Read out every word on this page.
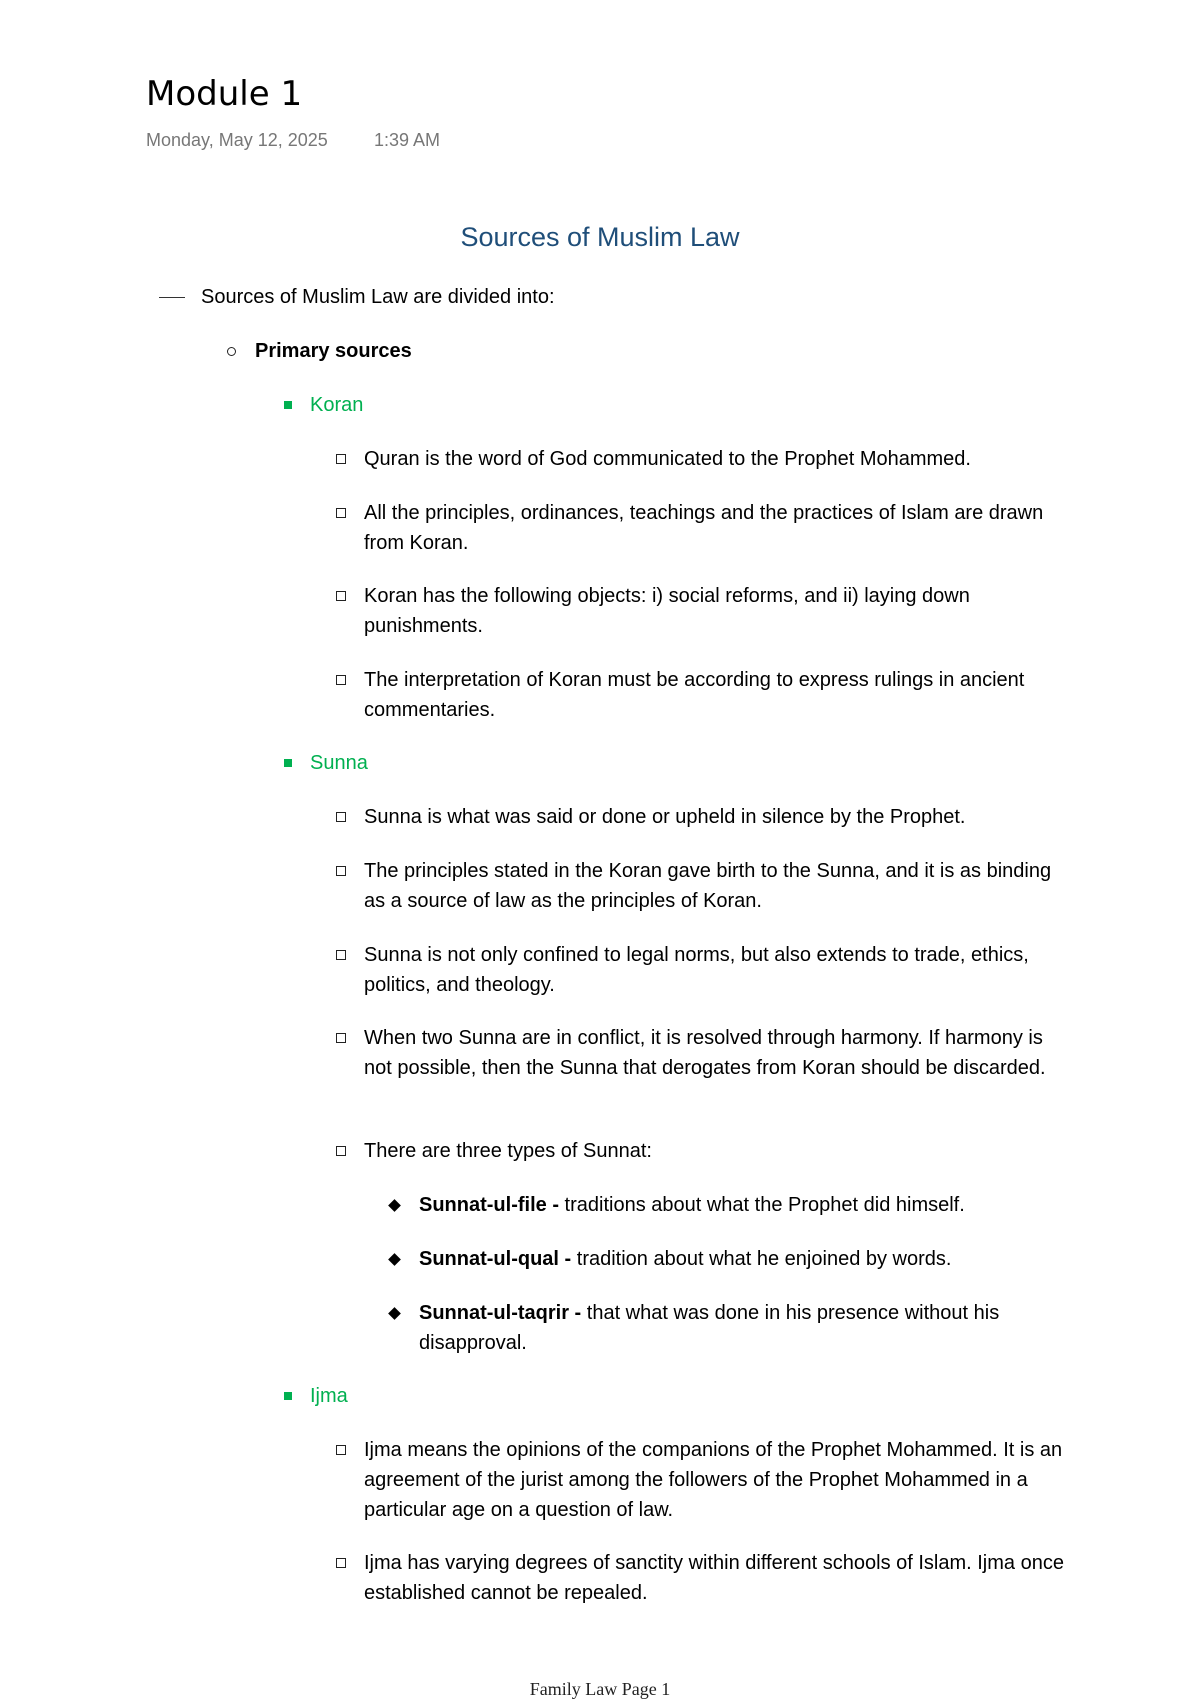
Module 1
Monday, May 12, 2025	1:39 AM
Sources of Muslim Law
Sources of Muslim Law are divided into:
Primary sources
Koran
Quran is the word of God communicated to the Prophet Mohammed.
All the principles, ordinances, teachings and the practices of Islam are drawn from Koran.
Koran has the following objects: i) social reforms, and ii) laying down punishments.
The interpretation of Koran must be according to express rulings in ancient commentaries.
Sunna
Sunna is what was said or done or upheld in silence by the Prophet.
The principles stated in the Koran gave birth to the Sunna, and it is as binding as a source of law as the principles of Koran.
Sunna is not only confined to legal norms, but also extends to trade, ethics, politics, and theology.
When two Sunna are in conflict, it is resolved through harmony. If harmony is not possible, then the Sunna that derogates from Koran should be discarded.
There are three types of Sunnat:
Sunnat-ul-file - traditions about what the Prophet did himself.
Sunnat-ul-qual - tradition about what he enjoined by words.
Sunnat-ul-taqrir - that what was done in his presence without his disapproval.
Ijma
Ijma means the opinions of the companions of the Prophet Mohammed. It is an agreement of the jurist among the followers of the Prophet Mohammed in a particular age on a question of law.
Ijma has varying degrees of sanctity within different schools of Islam. Ijma once established cannot be repealed.
Family Law Page 1
